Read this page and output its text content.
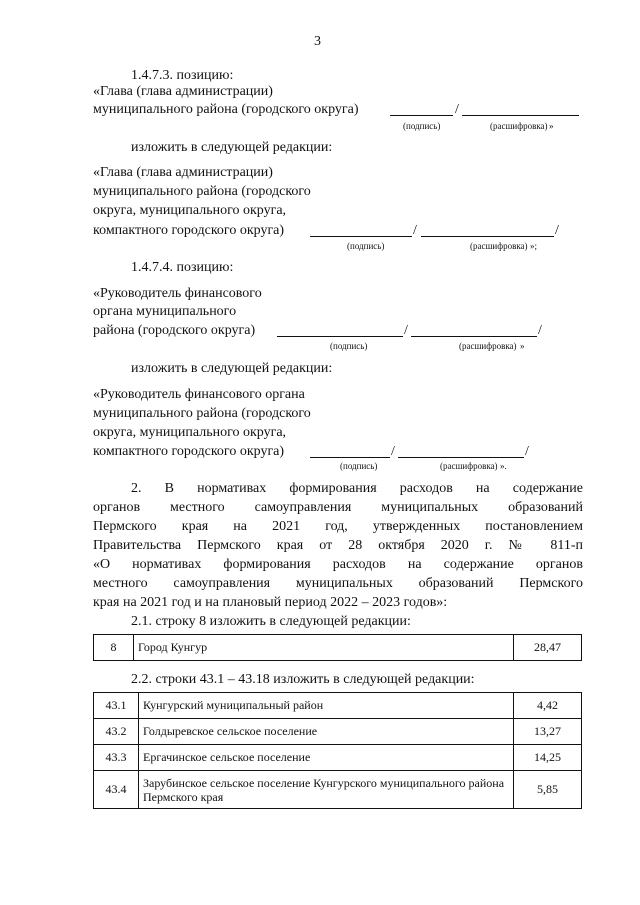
3
1.4.7.3. позицию:
«Глава (глава администрации)
муниципального района (городского округа)	/
(подпись)	(расшифровка) »
изложить в следующей редакции:
«Глава (глава администрации)
муниципального района (городского
округа, муниципального округа,
компактного городского округа)	/	/
(подпись)	(расшифровка) »;
1.4.7.4. позицию:
«Руководитель финансового
органа муниципального
района (городского округа)	/	/
(подпись)	(расшифровка) »
изложить в следующей редакции:
«Руководитель финансового органа
муниципального района (городского
округа, муниципального округа,
компактного городского округа)	/	/
(подпись)	(расшифровка) ».
2. В нормативах формирования расходов на содержание
органов местного самоуправления муниципальных образований
Пермского края на 2021 год, утвержденных постановлением
Правительства Пермского края от 28 октября 2020 г. № 811-п
«О нормативах формирования расходов на содержание органов
местного самоуправления муниципальных образований Пермского
края на 2021 год и на плановый период 2022 – 2023 годов»:
2.1. строку 8 изложить в следующей редакции:
8	Город Кунгур	28,47
2.2. строки 43.1 – 43.18 изложить в следующей редакции:
43.1	Кунгурский муниципальный район	4,42
43.2	Голдыревское сельское поселение	13,27
43.3	Ергачинское сельское поселение	14,25
43.4	Зарубинское сельское поселение Кунгурского муниципального района Пермского края	5,85
